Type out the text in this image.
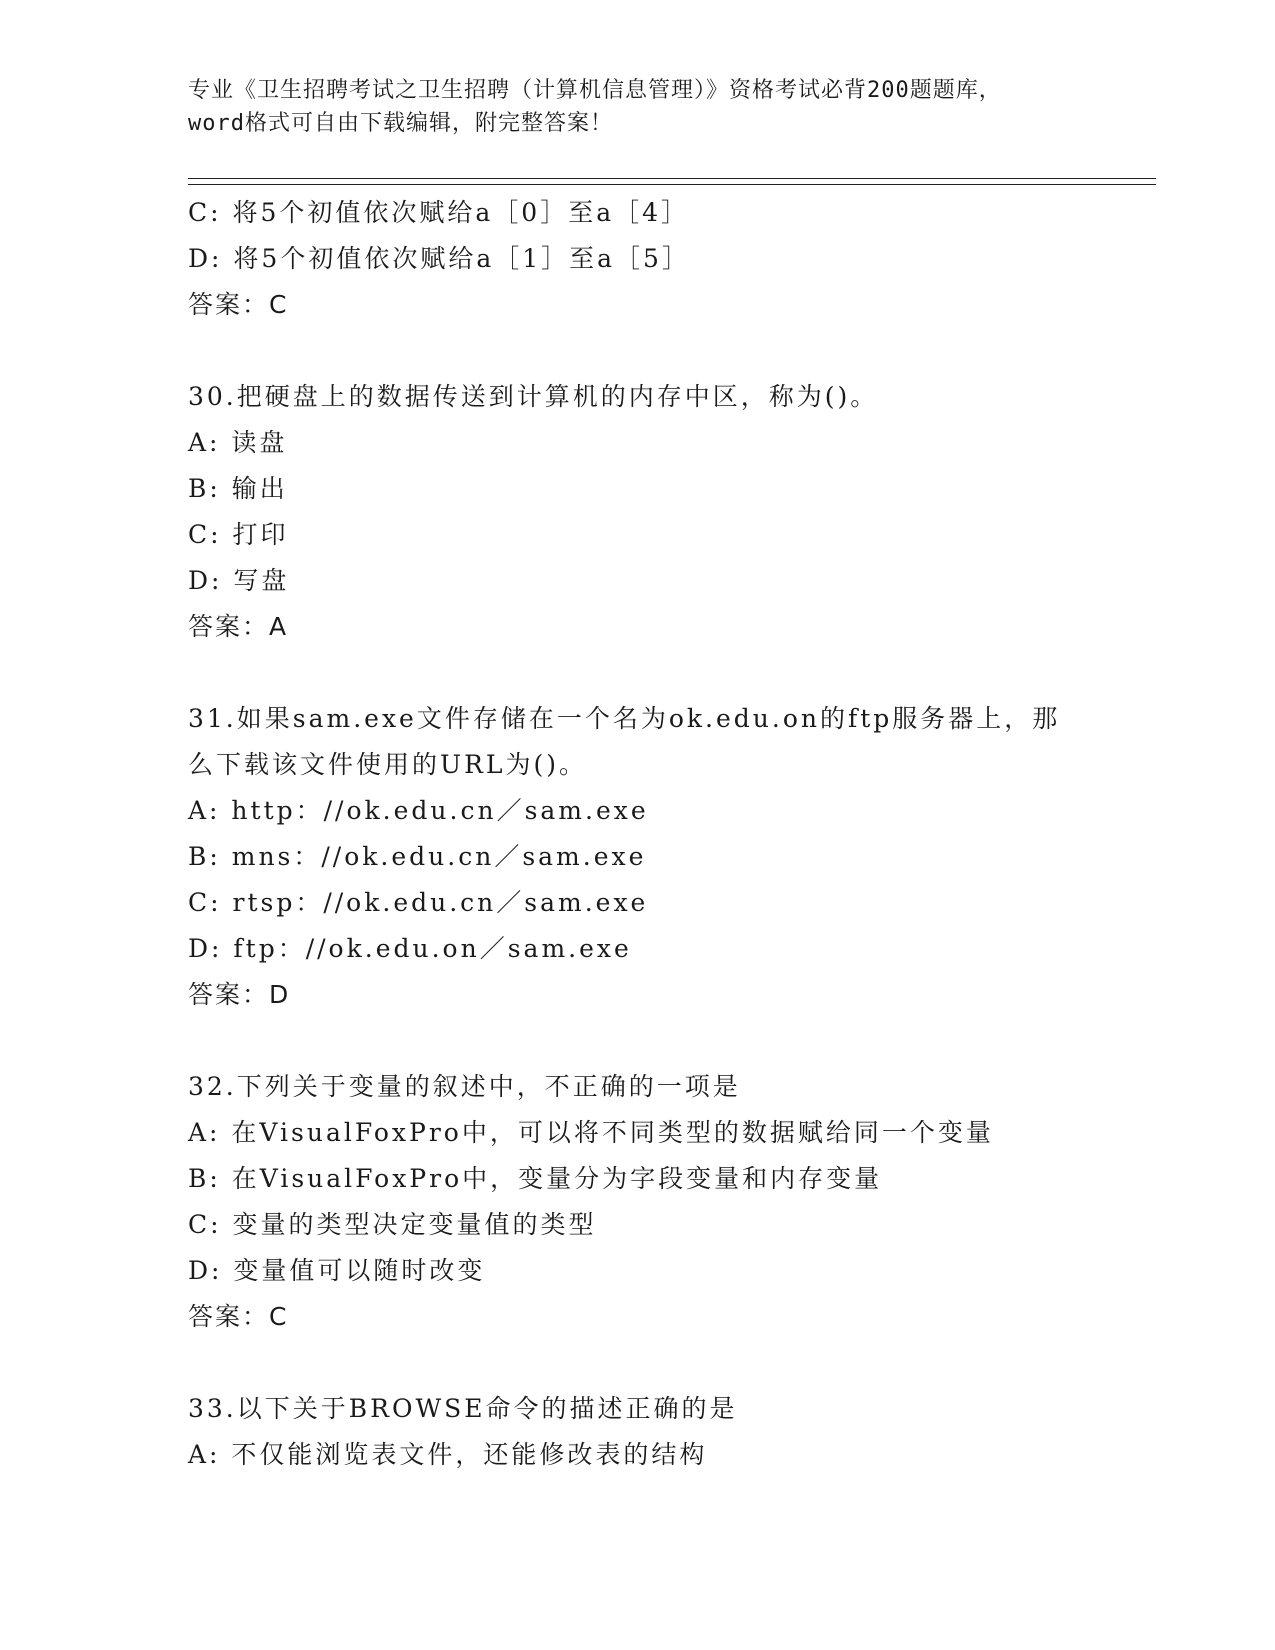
专业《卫生招聘考试之卫生招聘（计算机信息管理）》资格考试必背200题题库，
word格式可自由下载编辑，附完整答案！
C: 将5个初值依次赋给a［0］至a［4］
D: 将5个初值依次赋给a［1］至a［5］
答案：C
30.把硬盘上的数据传送到计算机的内存中区，称为()。
A: 读盘
B: 输出
C: 打印
D: 写盘
答案：A
31.如果sam.exe文件存储在一个名为ok.edu.on的ftp服务器上，那
么下载该文件使用的URL为()。
A: http：//ok.edu.cn／sam.exe
B: mns：//ok.edu.cn／sam.exe
C: rtsp：//ok.edu.cn／sam.exe
D: ftp：//ok.edu.on／sam.exe
答案：D
32.下列关于变量的叙述中，不正确的一项是
A: 在VisualFoxPro中，可以将不同类型的数据赋给同一个变量
B: 在VisualFoxPro中，变量分为字段变量和内存变量
C: 变量的类型决定变量值的类型
D: 变量值可以随时改变
答案：C
33.以下关于BROWSE命令的描述正确的是
A: 不仅能浏览表文件，还能修改表的结构
